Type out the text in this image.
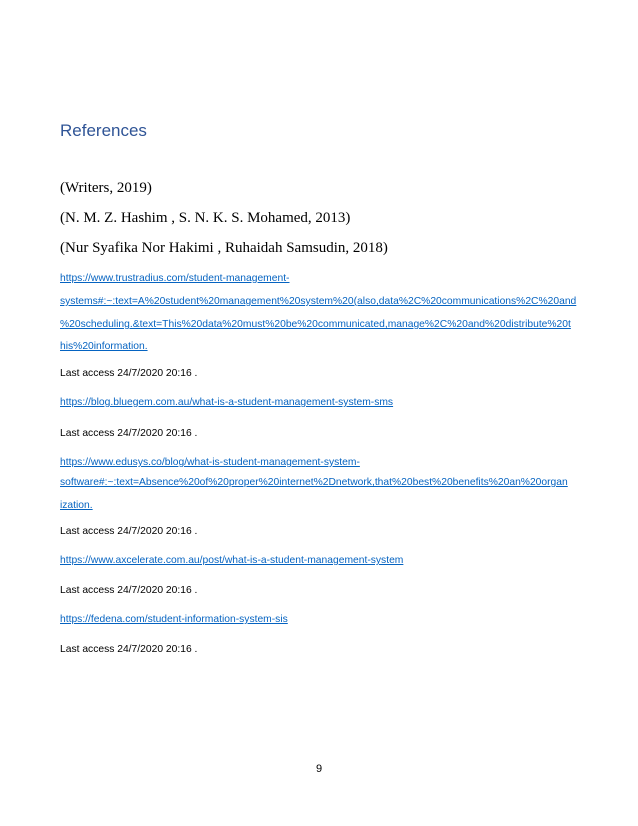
References
(Writers, 2019)
(N. M. Z. Hashim , S. N. K. S. Mohamed, 2013)
(Nur Syafika Nor Hakimi , Ruhaidah Samsudin, 2018)
https://www.trustradius.com/student-management-
systems#:~:text=A%20student%20management%20system%20(also,data%2C%20communications%2C%20and
%20scheduling.&text=This%20data%20must%20be%20communicated,manage%2C%20and%20distribute%20t
his%20information.
Last access 24/7/2020 20:16 .
https://blog.bluegem.com.au/what-is-a-student-management-system-sms
Last access 24/7/2020 20:16 .
https://www.edusys.co/blog/what-is-student-management-system-
software#:~:text=Absence%20of%20proper%20internet%2Dnetwork,that%20best%20benefits%20an%20organ
ization.
Last access 24/7/2020 20:16 .
https://www.axcelerate.com.au/post/what-is-a-student-management-system
Last access 24/7/2020 20:16 .
https://fedena.com/student-information-system-sis
Last access 24/7/2020 20:16 .
9
